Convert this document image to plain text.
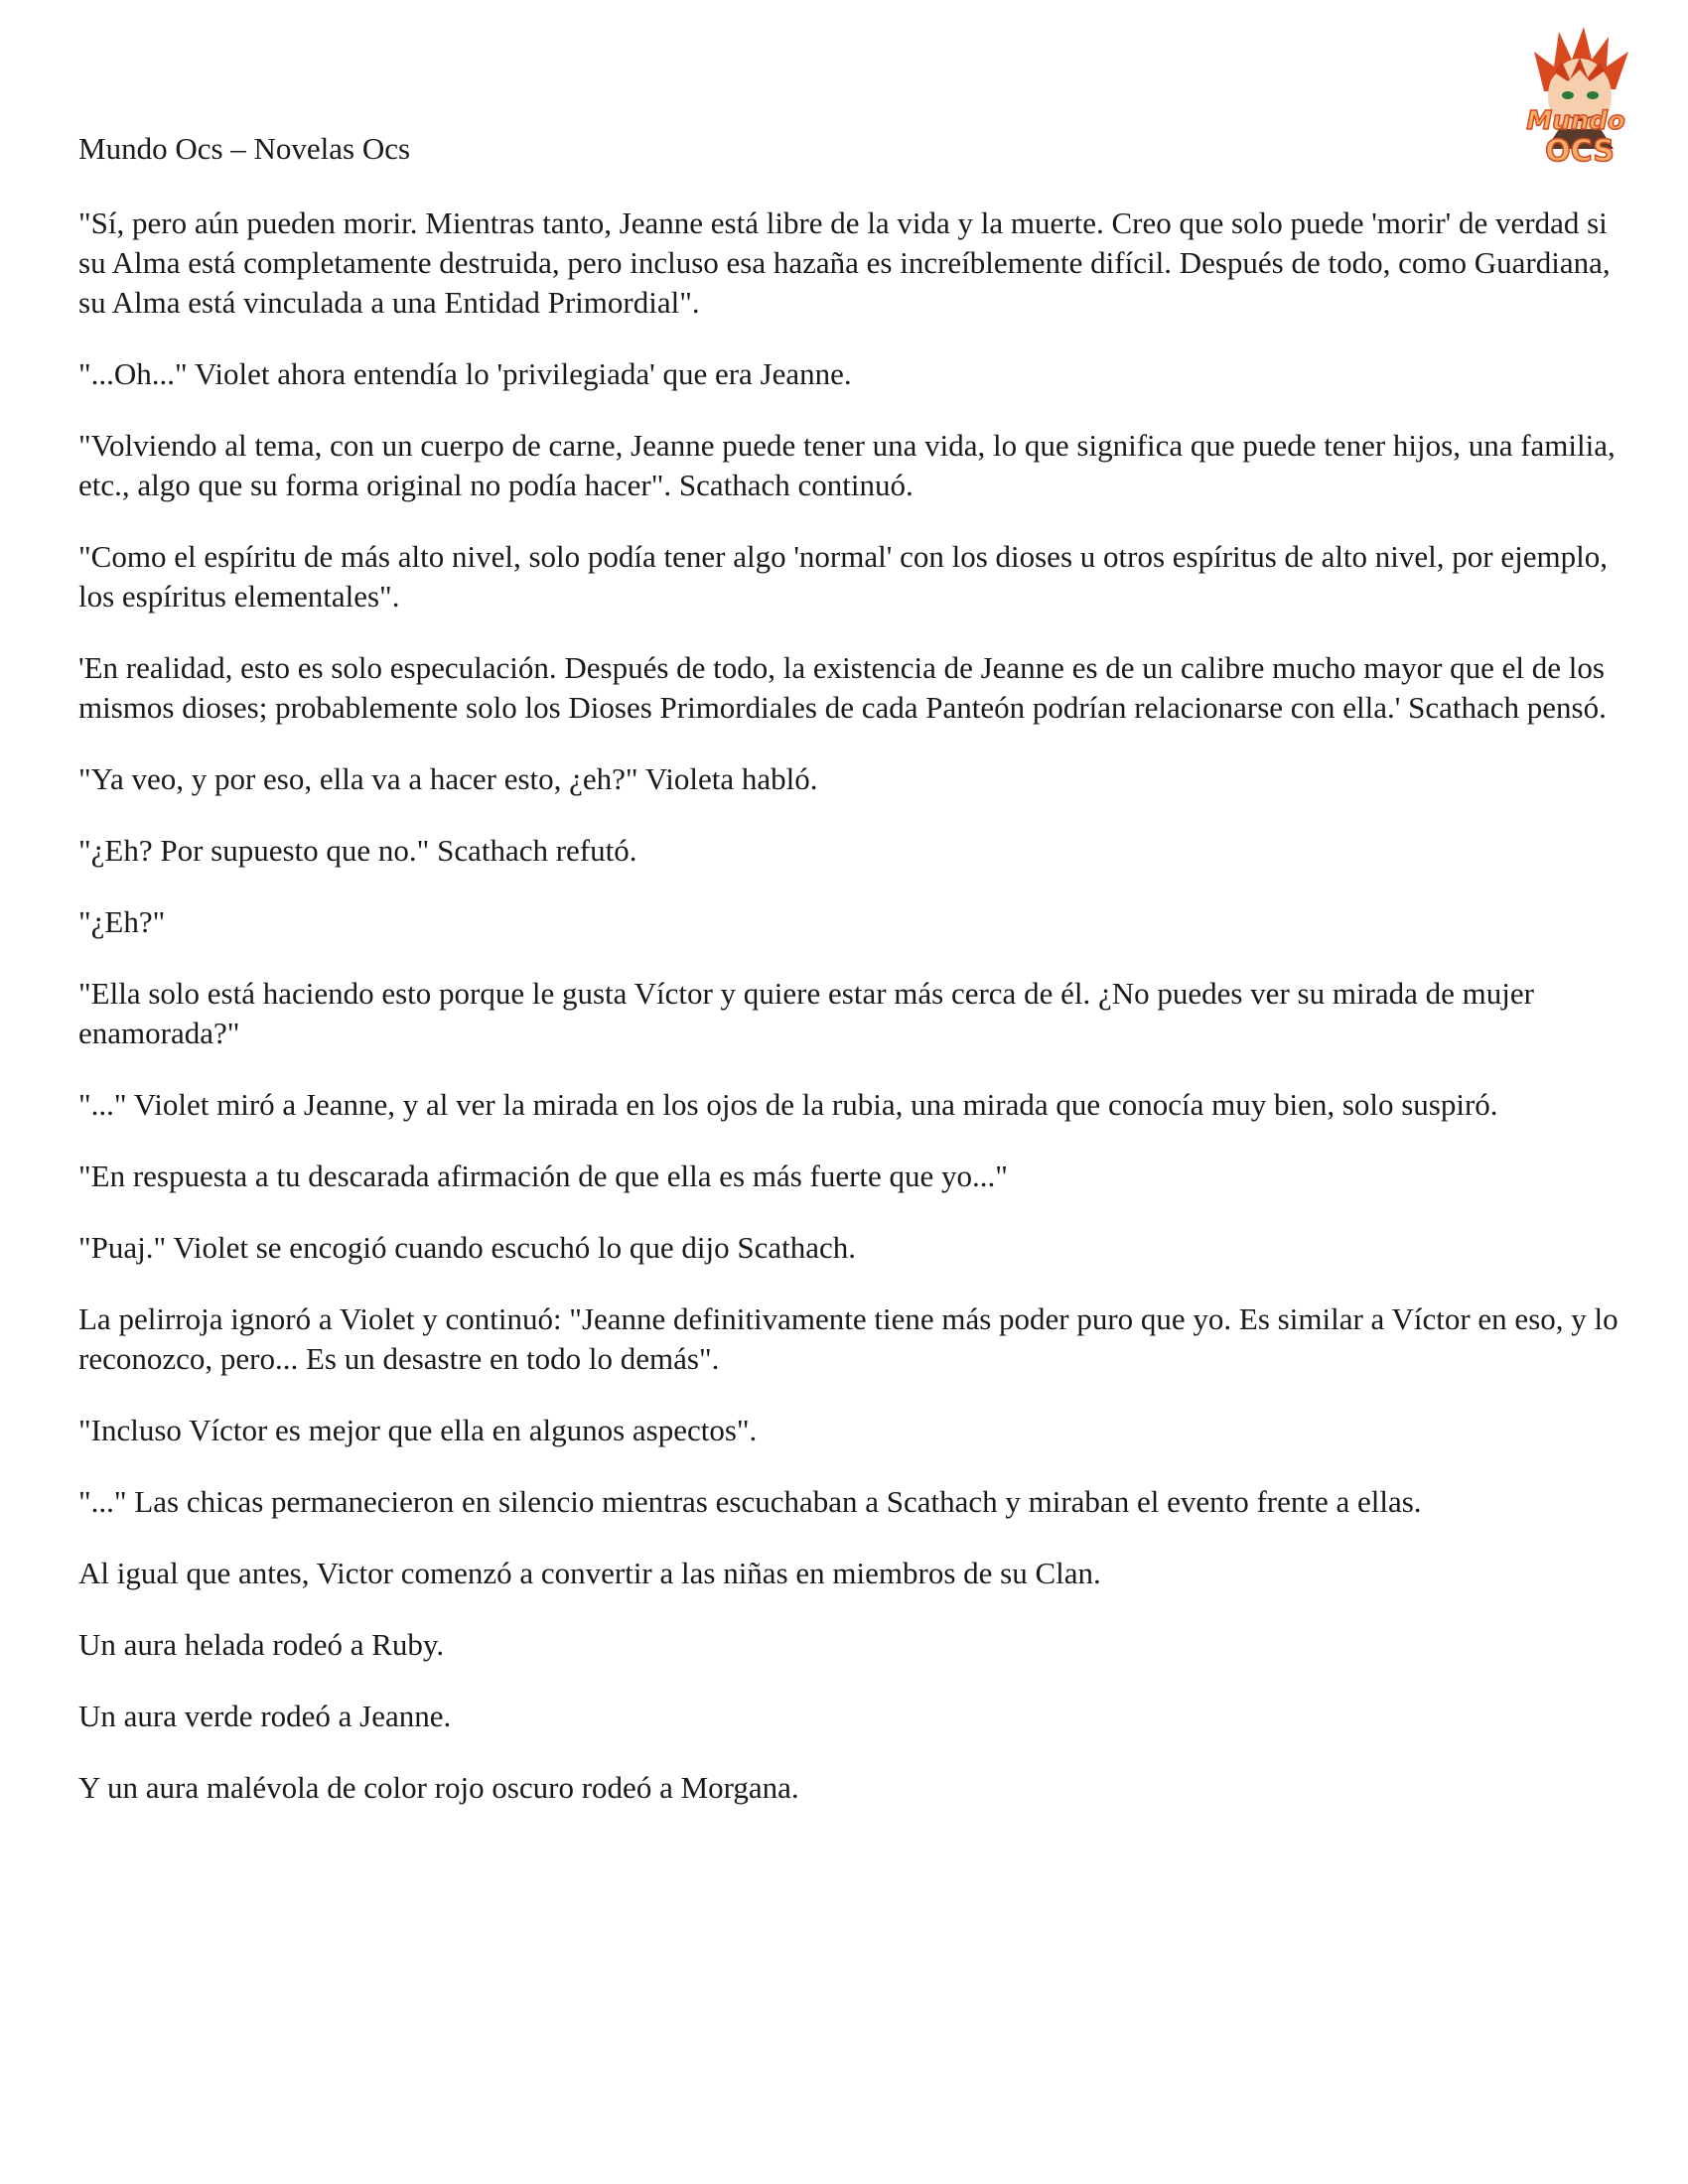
Mundo
OCS

Mundo Ocs – Novelas Ocs

"Sí, pero aún pueden morir. Mientras tanto, Jeanne está libre de la vida y la muerte. Creo que solo puede 'morir' de verdad si su Alma está completamente destruida, pero incluso esa hazaña es increíblemente difícil. Después de todo, como Guardiana, su Alma está vinculada a una Entidad Primordial".

"...Oh..." Violet ahora entendía lo 'privilegiada' que era Jeanne.

"Volviendo al tema, con un cuerpo de carne, Jeanne puede tener una vida, lo que significa que puede tener hijos, una familia, etc., algo que su forma original no podía hacer". Scathach continuó.

"Como el espíritu de más alto nivel, solo podía tener algo 'normal' con los dioses u otros espíritus de alto nivel, por ejemplo, los espíritus elementales".

'En realidad, esto es solo especulación. Después de todo, la existencia de Jeanne es de un calibre mucho mayor que el de los mismos dioses; probablemente solo los Dioses Primordiales de cada Panteón podrían relacionarse con ella.' Scathach pensó.

"Ya veo, y por eso, ella va a hacer esto, ¿eh?" Violeta habló.

"¿Eh? Por supuesto que no." Scathach refutó.

"¿Eh?"

"Ella solo está haciendo esto porque le gusta Víctor y quiere estar más cerca de él. ¿No puedes ver su mirada de mujer enamorada?"

"..." Violet miró a Jeanne, y al ver la mirada en los ojos de la rubia, una mirada que conocía muy bien, solo suspiró.

"En respuesta a tu descarada afirmación de que ella es más fuerte que yo..."

"Puaj." Violet se encogió cuando escuchó lo que dijo Scathach.

La pelirroja ignoró a Violet y continuó: "Jeanne definitivamente tiene más poder puro que yo. Es similar a Víctor en eso, y lo reconozco, pero... Es un desastre en todo lo demás".

"Incluso Víctor es mejor que ella en algunos aspectos".

"..." Las chicas permanecieron en silencio mientras escuchaban a Scathach y miraban el evento frente a ellas.

Al igual que antes, Victor comenzó a convertir a las niñas en miembros de su Clan.

Un aura helada rodeó a Ruby.

Un aura verde rodeó a Jeanne.

Y un aura malévola de color rojo oscuro rodeó a Morgana.
